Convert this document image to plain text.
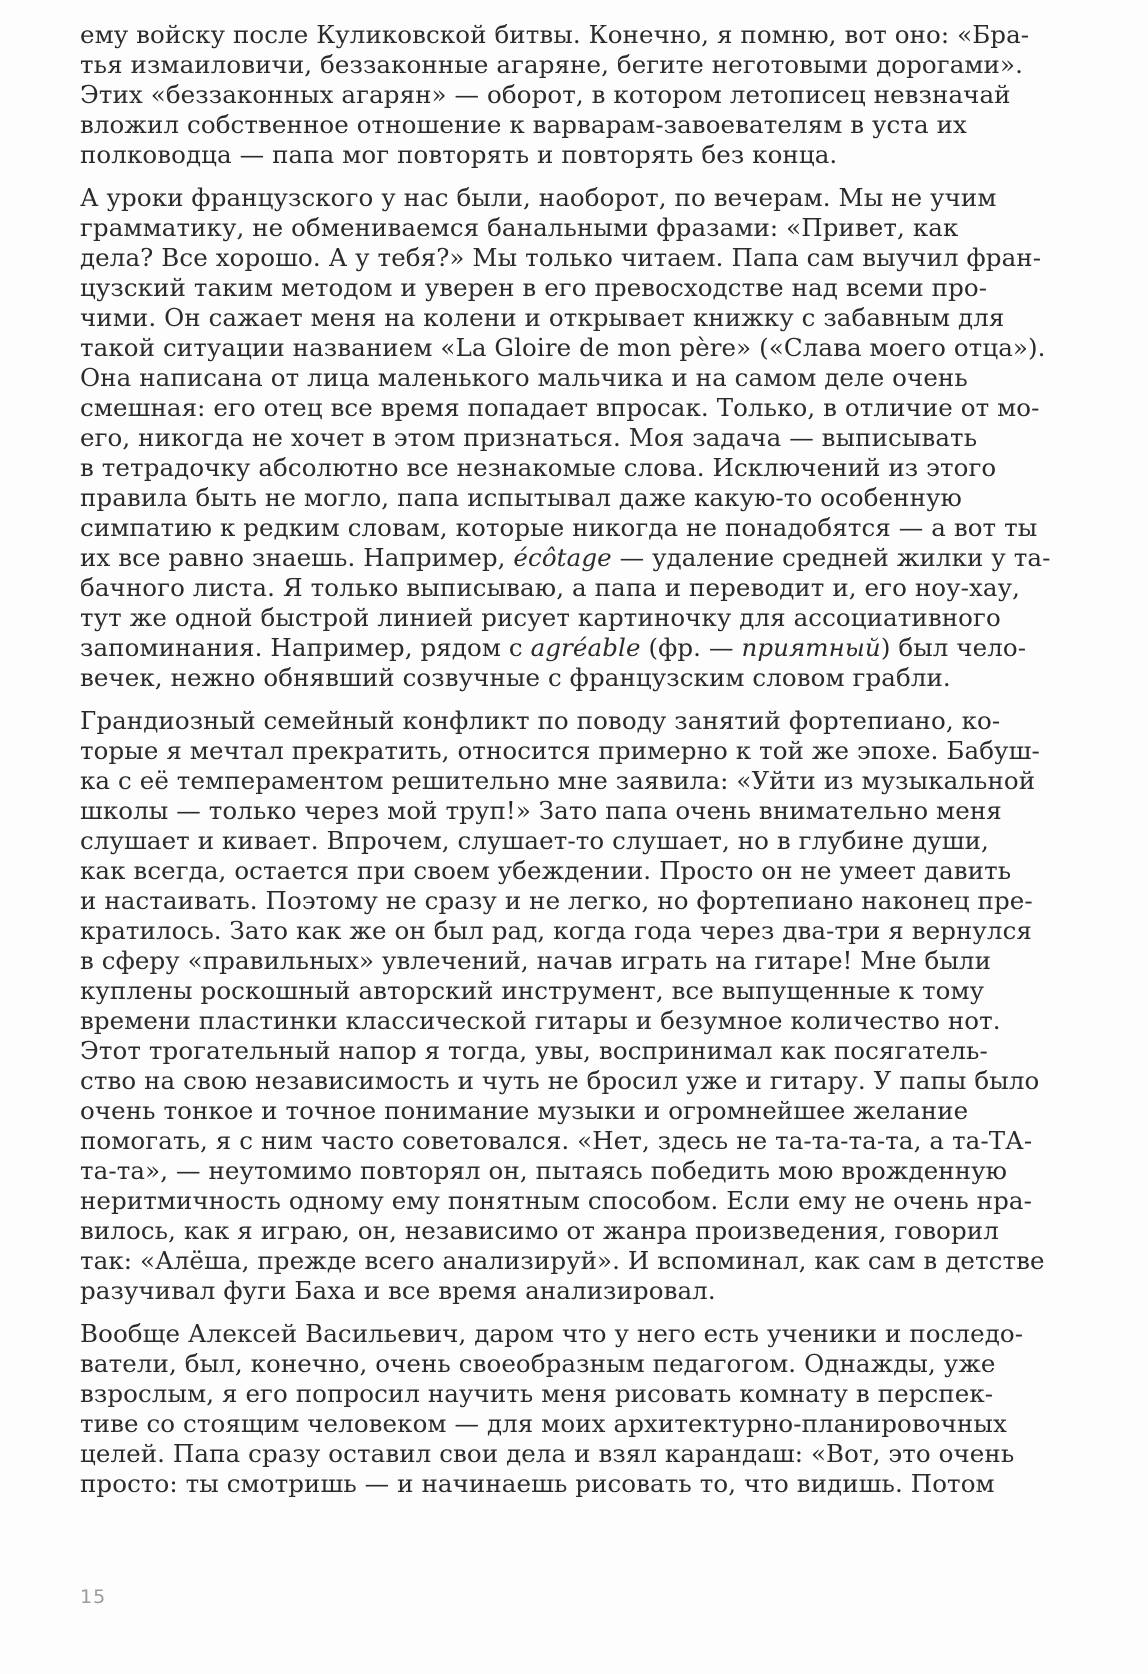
ему войску после Куликовской битвы. Конечно, я помню, вот оно: «Бра-
тья измаиловичи, беззаконные агаряне, бегите неготовыми дорогами».
Этих «беззаконных агарян» — оборот, в котором летописец невзначай
вложил собственное отношение к варварам-завоевателям в уста их
полководца — папа мог повторять и повторять без конца.
А уроки французского у нас были, наоборот, по вечерам. Мы не учим
грамматику, не обмениваемся банальными фразами: «Привет, как
дела? Все хорошо. А у тебя?» Мы только читаем. Папа сам выучил фран-
цузский таким методом и уверен в его превосходстве над всеми про-
чими. Он сажает меня на колени и открывает книжку с забавным для
такой ситуации названием «La Gloire de mon père» («Слава моего отца»).
Она написана от лица маленького мальчика и на самом деле очень
смешная: его отец все время попадает впросак. Только, в отличие от мо-
его, никогда не хочет в этом признаться. Моя задача — выписывать
в тетрадочку абсолютно все незнакомые слова. Исключений из этого
правила быть не могло, папа испытывал даже какую-то особенную
симпатию к редким словам, которые никогда не понадобятся — а вот ты
их все равно знаешь. Например, écôtage — удаление средней жилки у та-
бачного листа. Я только выписываю, а папа и переводит и, его ноу-хау,
тут же одной быстрой линией рисует картиночку для ассоциативного
запоминания. Например, рядом с agréable (фр. — приятный) был чело-
вечек, нежно обнявший созвучные с французским словом грабли.
Грандиозный семейный конфликт по поводу занятий фортепиано, ко-
торые я мечтал прекратить, относится примерно к той же эпохе. Бабуш-
ка с её темпераментом решительно мне заявила: «Уйти из музыкальной
школы — только через мой труп!» Зато папа очень внимательно меня
слушает и кивает. Впрочем, слушает-то слушает, но в глубине души,
как всегда, остается при своем убеждении. Просто он не умеет давить
и настаивать. Поэтому не сразу и не легко, но фортепиано наконец пре-
кратилось. Зато как же он был рад, когда года через два-три я вернулся
в сферу «правильных» увлечений, начав играть на гитаре! Мне были
куплены роскошный авторский инструмент, все выпущенные к тому
времени пластинки классической гитары и безумное количество нот.
Этот трогательный напор я тогда, увы, воспринимал как посягатель-
ство на свою независимость и чуть не бросил уже и гитару. У папы было
очень тонкое и точное понимание музыки и огромнейшее желание
помогать, я с ним часто советовался. «Нет, здесь не та-та-та-та, а та-ТА-
та-та», — неутомимо повторял он, пытаясь победить мою врожденную
неритмичность одному ему понятным способом. Если ему не очень нра-
вилось, как я играю, он, независимо от жанра произведения, говорил
так: «Алёша, прежде всего анализируй». И вспоминал, как сам в детстве
разучивал фуги Баха и все время анализировал.
Вообще Алексей Васильевич, даром что у него есть ученики и последо-
ватели, был, конечно, очень своеобразным педагогом. Однажды, уже
взрослым, я его попросил научить меня рисовать комнату в перспек-
тиве со стоящим человеком — для моих архитектурно-планировочных
целей. Папа сразу оставил свои дела и взял карандаш: «Вот, это очень
просто: ты смотришь — и начинаешь рисовать то, что видишь. Потом
15
